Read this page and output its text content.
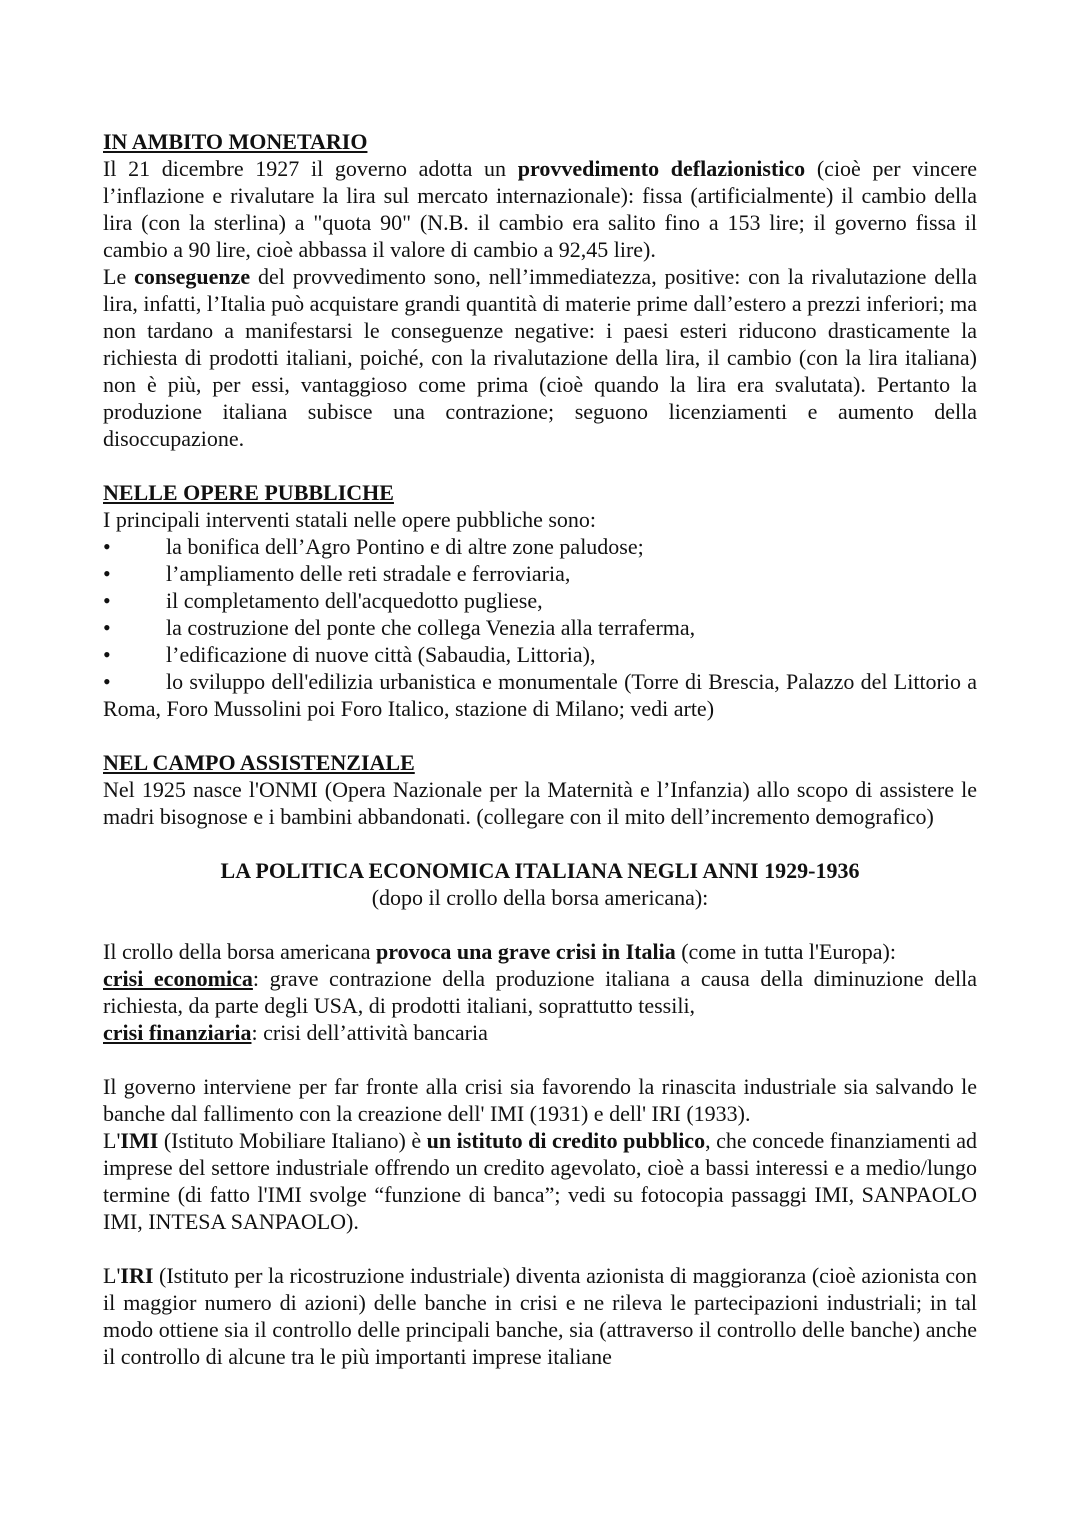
IN AMBITO MONETARIO

Il 21 dicembre 1927 il governo adotta un provvedimento deflazionistico (cioè per vincere l’inflazione e rivalutare la lira sul mercato internazionale): fissa (artificialmente) il cambio della lira (con la sterlina) a "quota 90" (N.B. il cambio era salito fino a 153 lire; il governo fissa il cambio a 90 lire, cioè abbassa il valore di cambio a 92,45 lire).

Le conseguenze del provvedimento sono, nell’immediatezza, positive: con la rivalutazione della lira, infatti, l’Italia può acquistare grandi quantità di materie prime dall’estero a prezzi inferiori; ma non tardano a manifestarsi le conseguenze negative: i paesi esteri riducono drasticamente la richiesta di prodotti italiani, poiché, con la rivalutazione della lira, il cambio (con la lira italiana) non è più, per essi, vantaggioso come prima (cioè quando la lira era svalutata). Pertanto la produzione italiana subisce una contrazione; seguono licenziamenti e aumento della disoccupazione.

NELLE OPERE PUBBLICHE

I principali interventi statali nelle opere pubbliche sono:

•	la bonifica dell’Agro Pontino e di altre zone paludose;
•	l’ampliamento delle reti stradale e ferroviaria,
•	il completamento dell'acquedotto pugliese,
•	la costruzione del ponte che collega Venezia alla terraferma,
•	l’edificazione di nuove città (Sabaudia, Littoria),
•	lo sviluppo dell'edilizia urbanistica e monumentale (Torre di Brescia, Palazzo del Littorio a Roma, Foro Mussolini poi Foro Italico, stazione di Milano; vedi arte)
NEL CAMPO ASSISTENZIALE

Nel 1925 nasce l'ONMI (Opera Nazionale per la Maternità e l’Infanzia) allo scopo di assistere le madri bisognose e i bambini abbandonati. (collegare con il mito dell’incremento demografico)

LA POLITICA ECONOMICA ITALIANA NEGLI ANNI 1929-1936
(dopo il crollo della borsa americana):

Il crollo della borsa americana provoca una grave crisi in Italia (come in tutta l'Europa):

crisi economica: grave contrazione della produzione italiana a causa della diminuzione della richiesta, da parte degli USA, di prodotti italiani, soprattutto tessili,

crisi finanziaria: crisi dell’attività bancaria

Il governo interviene per far fronte alla crisi sia favorendo la rinascita industriale sia salvando le banche dal fallimento con la creazione dell' IMI (1931) e dell' IRI (1933).

L'IMI (Istituto Mobiliare Italiano) è un istituto di credito pubblico, che concede finanziamenti ad imprese del settore industriale offrendo un credito agevolato, cioè a bassi interessi e a medio/lungo termine (di fatto l'IMI svolge “funzione di banca”; vedi su fotocopia passaggi IMI, SANPAOLO IMI, INTESA SANPAOLO).

L'IRI (Istituto per la ricostruzione industriale) diventa azionista di maggioranza (cioè azionista con il maggior numero di azioni) delle banche in crisi e ne rileva le partecipazioni industriali; in tal modo ottiene sia il controllo delle principali banche, sia (attraverso il controllo delle banche) anche il controllo di alcune tra le più importanti imprese italiane
